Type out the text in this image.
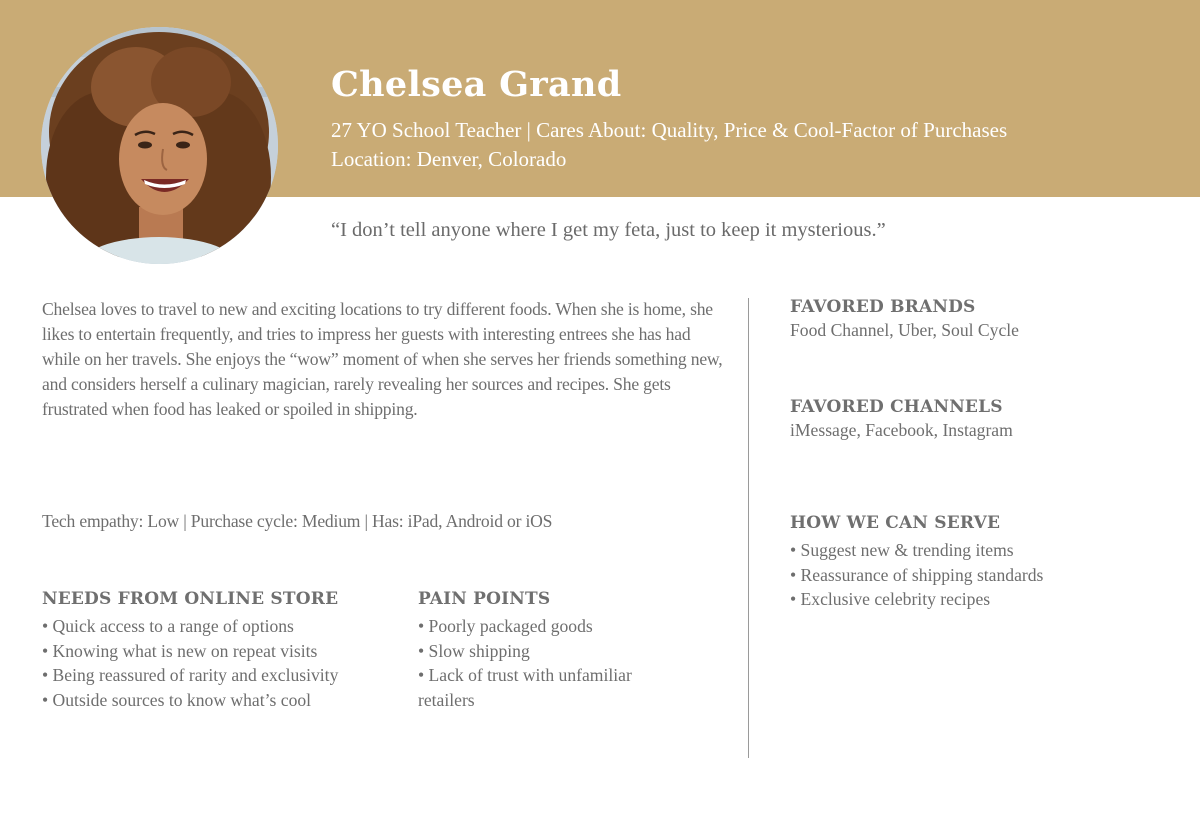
Chelsea Grand
27 YO School Teacher | Cares About: Quality, Price & Cool-Factor of Purchases
Location: Denver, Colorado
“I don’t tell anyone where I get my feta, just to keep it mysterious.”

Chelsea loves to travel to new and exciting locations to try different foods. When she is home, she likes to entertain frequently, and tries to impress her guests with interesting entrees she has had while on her travels. She enjoys the “wow” moment of when she serves her friends something new, and considers herself a culinary magician, rarely revealing her sources and recipes. She gets frustrated when food has leaked or spoiled in shipping.

Tech empathy: Low | Purchase cycle: Medium | Has: iPad, Android or iOS
NEEDS FROM ONLINE STORE
• Quick access to a range of options
• Knowing what is new on repeat visits
• Being reassured of rarity and exclusivity
• Outside sources to know what’s cool
PAIN POINTS
• Poorly packaged goods
• Slow shipping
• Lack of trust with unfamiliar retailers
FAVORED BRANDS
Food Channel, Uber, Soul Cycle
FAVORED CHANNELS
iMessage, Facebook, Instagram
HOW WE CAN SERVE
• Suggest new & trending items
• Reassurance of shipping standards
• Exclusive celebrity recipes
